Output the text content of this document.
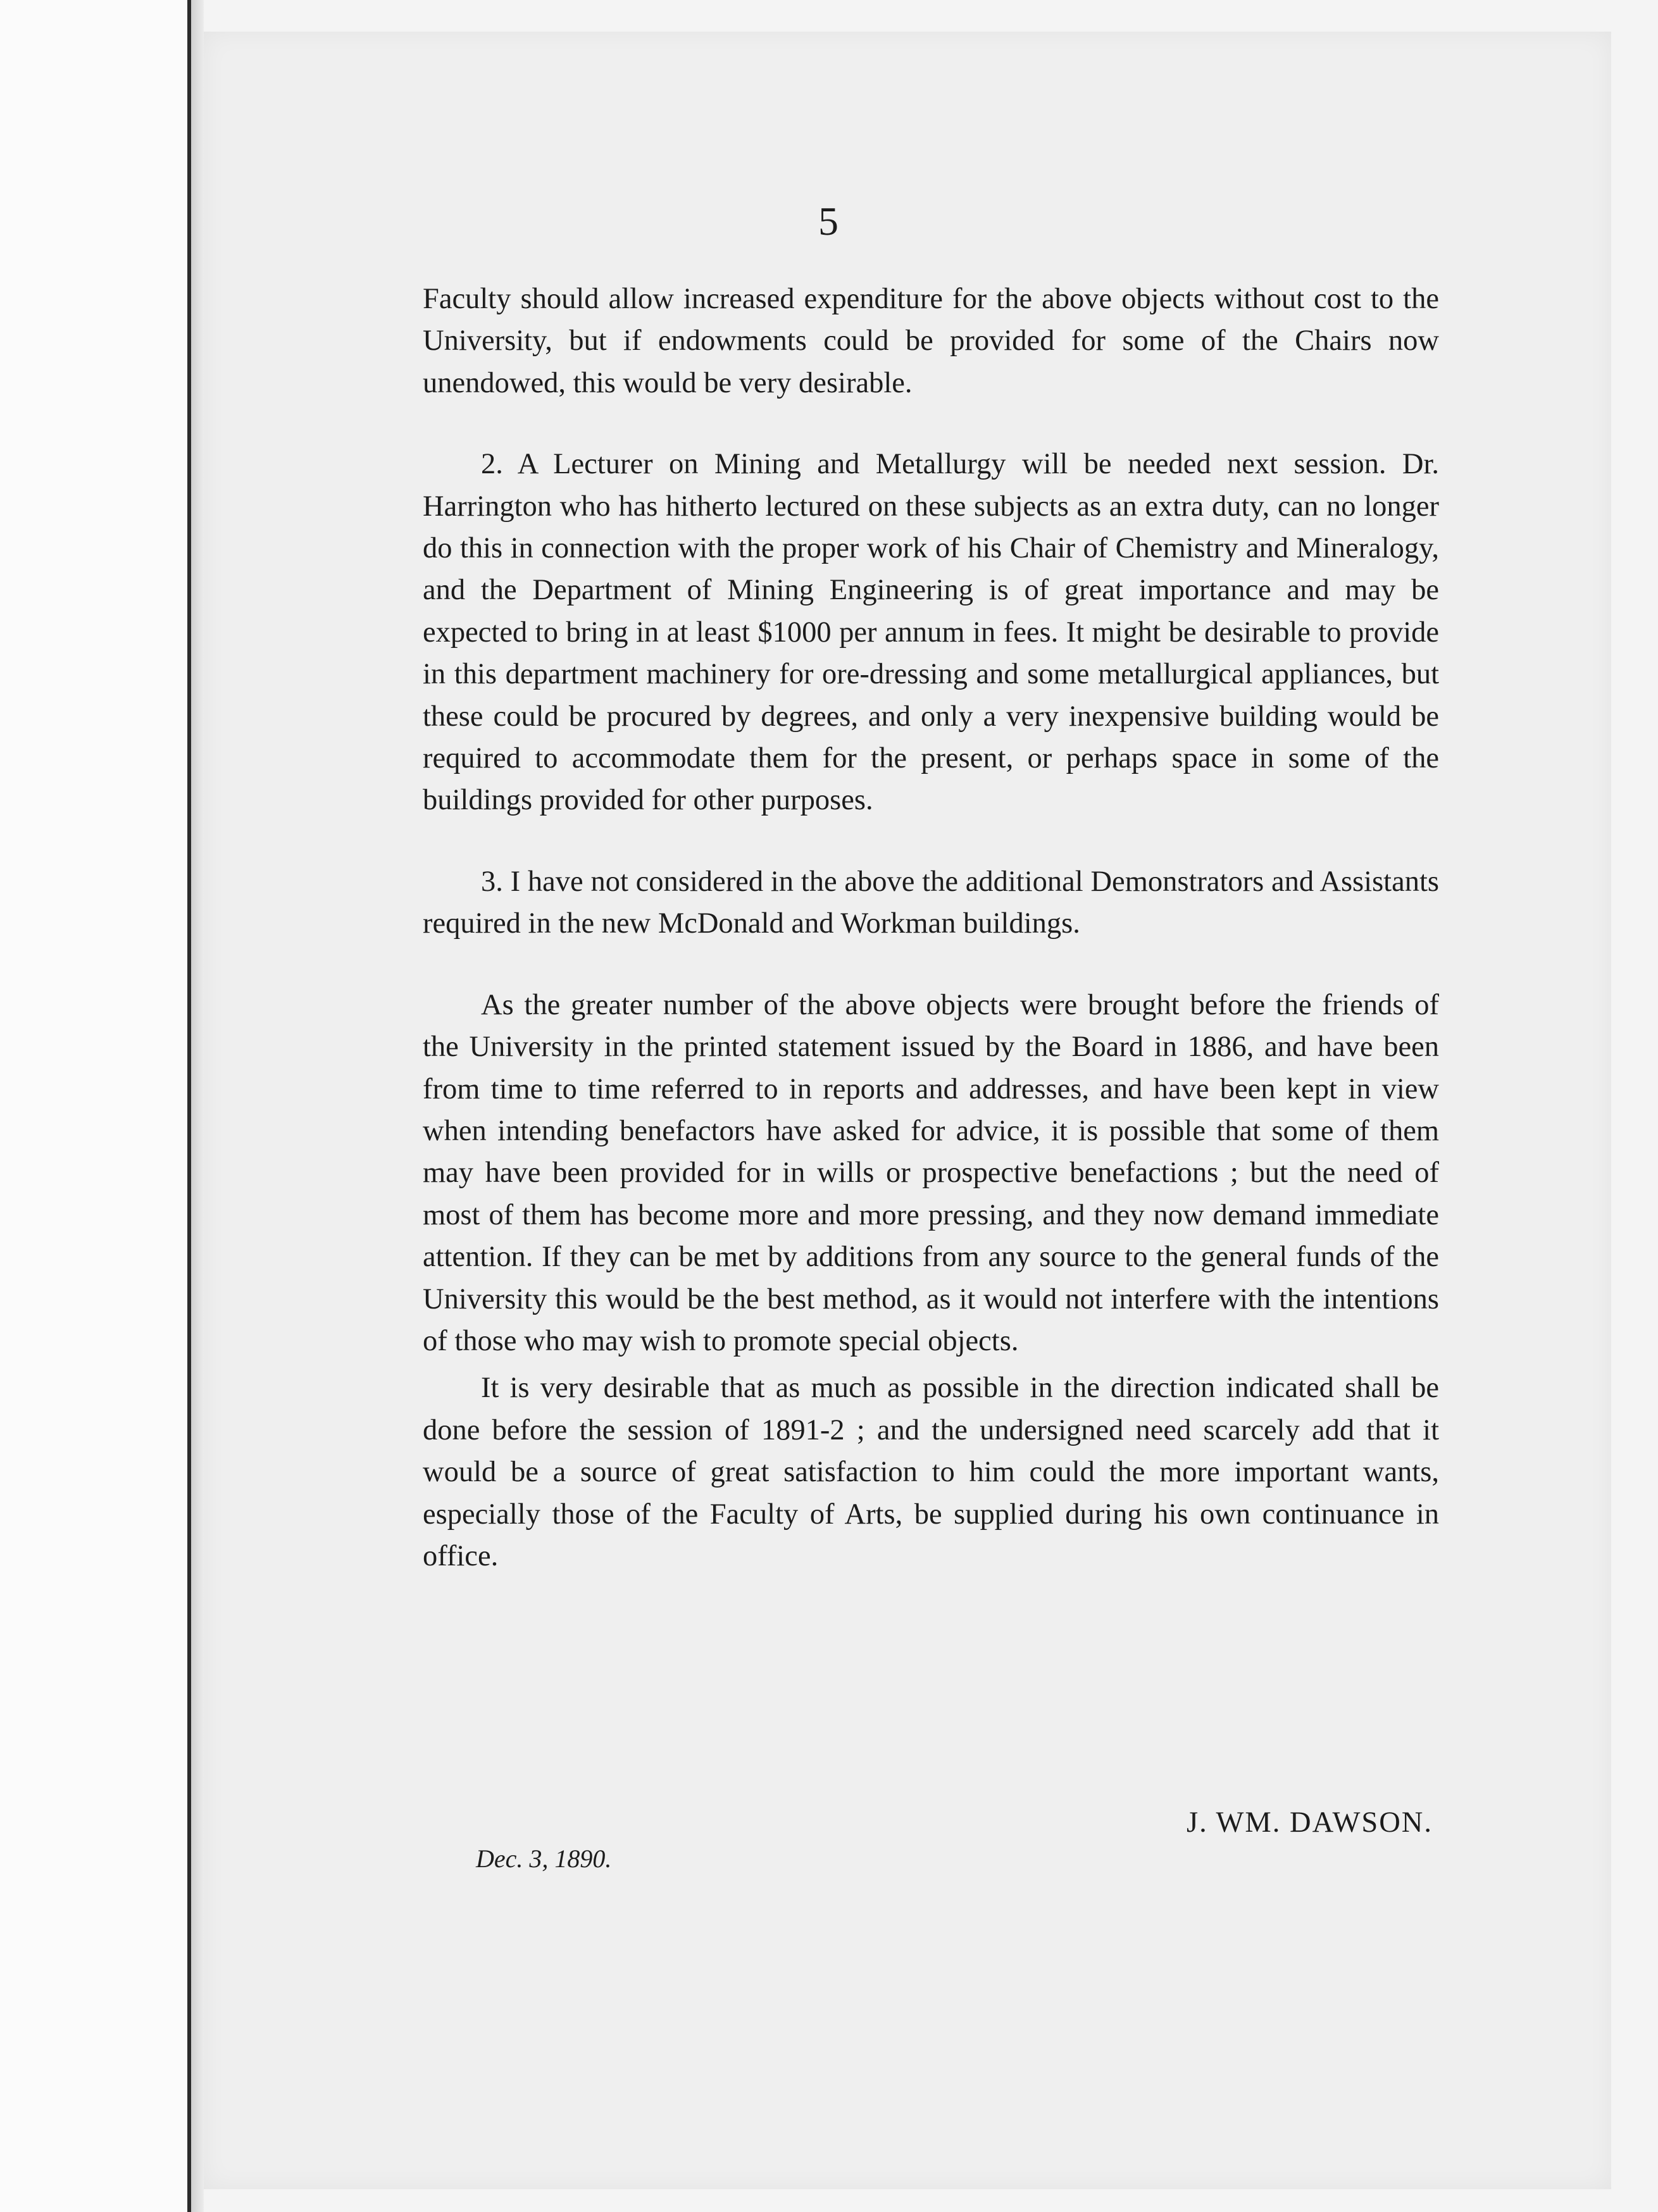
5

Faculty should allow increased expenditure for the above objects without cost to the University, but if endowments could be provided for some of the Chairs now unendowed, this would be very desirable.

2. A Lecturer on Mining and Metallurgy will be needed next session. Dr. Harrington who has hitherto lectured on these subjects as an extra duty, can no longer do this in connection with the proper work of his Chair of Chemistry and Mineralogy, and the Department of Mining Engineering is of great importance and may be expected to bring in at least $1000 per annum in fees. It might be desirable to provide in this department machinery for ore-dressing and some metallurgical appliances, but these could be procured by degrees, and only a very inexpensive building would be required to accommodate them for the present, or perhaps space in some of the buildings provided for other purposes.

3. I have not considered in the above the additional Demonstrators and Assistants required in the new McDonald and Workman buildings.

As the greater number of the above objects were brought before the friends of the University in the printed statement issued by the Board in 1886, and have been from time to time referred to in reports and addresses, and have been kept in view when intending benefactors have asked for advice, it is possible that some of them may have been provided for in wills or prospective benefactions ; but the need of most of them has become more and more pressing, and they now demand immediate attention. If they can be met by additions from any source to the general funds of the University this would be the best method, as it would not interfere with the intentions of those who may wish to promote special objects.

It is very desirable that as much as possible in the direction indicated shall be done before the session of 1891-2 ; and the undersigned need scarcely add that it would be a source of great satisfaction to him could the more important wants, especially those of the Faculty of Arts, be supplied during his own continuance in office.

J. WM. DAWSON.
Dec. 3, 1890.
